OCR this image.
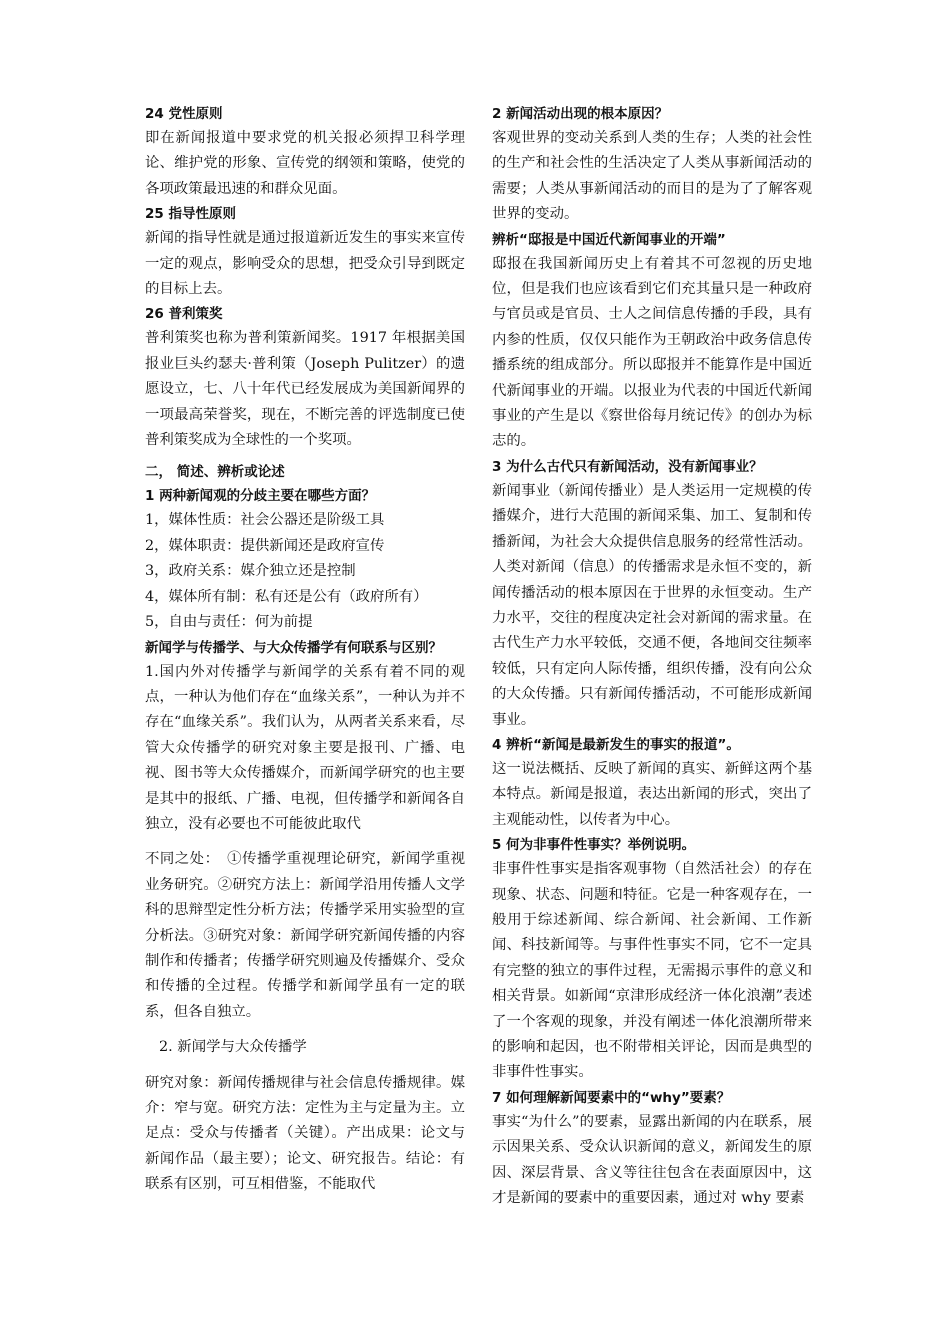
24 党性原则
即在新闻报道中要求党的机关报必须捍卫科学理论、维护党的形象、宣传党的纲领和策略，使党的各项政策最迅速的和群众见面。
25 指导性原则
新闻的指导性就是通过报道新近发生的事实来宣传一定的观点，影响受众的思想，把受众引导到既定的目标上去。
26 普利策奖
普利策奖也称为普利策新闻奖。1917 年根据美国报业巨头约瑟夫·普利策（Joseph Pulitzer）的遗愿设立，七、八十年代已经发展成为美国新闻界的一项最高荣誉奖，现在，不断完善的评选制度已使普利策奖成为全球性的一个奖项。
二， 简述、辨析或论述
1 两种新闻观的分歧主要在哪些方面？
1，媒体性质：社会公器还是阶级工具
2，媒体职责：提供新闻还是政府宣传
3，政府关系：媒介独立还是控制
4，媒体所有制：私有还是公有（政府所有）
5，自由与责任：何为前提
新闻学与传播学、与大众传播学有何联系与区别？
1.国内外对传播学与新闻学的关系有着不同的观点，一种认为他们存在“血缘关系”，一种认为并不存在“血缘关系”。我们认为，从两者关系来看，尽管大众传播学的研究对象主要是报刊、广播、电视、图书等大众传播媒介，而新闻学研究的也主要是其中的报纸、广播、电视，但传播学和新闻各自独立，没有必要也不可能彼此取代
不同之处：　①传播学重视理论研究，新闻学重视业务研究。②研究方法上：新闻学沿用传播人文学科的思辩型定性分析方法；传播学采用实验型的宣分析法。③研究对象：新闻学研究新闻传播的内容制作和传播者；传播学研究则遍及传播媒介、受众和传播的全过程。传播学和新闻学虽有一定的联系，但各自独立。
2. 新闻学与大众传播学
研究对象：新闻传播规律与社会信息传播规律。媒介：窄与宽。研究方法：定性为主与定量为主。立足点：受众与传播者（关键）。产出成果：论文与新闻作品（最主要）；论文、研究报告。结论：有联系有区别，可互相借鉴，不能取代
2 新闻活动出现的根本原因？
客观世界的变动关系到人类的生存；人类的社会性的生产和社会性的生活决定了人类从事新闻活动的需要；人类从事新闻活动的而目的是为了了解客观世界的变动。
辨析“邸报是中国近代新闻事业的开端”
邸报在我国新闻历史上有着其不可忽视的历史地位，但是我们也应该看到它们充其量只是一种政府与官员或是官员、士人之间信息传播的手段，具有内参的性质，仅仅只能作为王朝政治中政务信息传播系统的组成部分。所以邸报并不能算作是中国近代新闻事业的开端。以报业为代表的中国近代新闻事业的产生是以《察世俗每月统记传》的创办为标志的。
3 为什么古代只有新闻活动，没有新闻事业？
新闻事业（新闻传播业）是人类运用一定规模的传播媒介，进行大范围的新闻采集、加工、复制和传播新闻，为社会大众提供信息服务的经常性活动。人类对新闻（信息）的传播需求是永恒不变的，新闻传播活动的根本原因在于世界的永恒变动。生产力水平，交往的程度决定社会对新闻的需求量。在古代生产力水平较低，交通不便，各地间交往频率较低，只有定向人际传播，组织传播，没有向公众的大众传播。只有新闻传播活动，不可能形成新闻事业。
4 辨析“新闻是最新发生的事实的报道”。
这一说法概括、反映了新闻的真实、新鲜这两个基本特点。新闻是报道，表达出新闻的形式，突出了主观能动性，以传者为中心。
5 何为非事件性事实？举例说明。
非事件性事实是指客观事物（自然活社会）的存在现象、状态、问题和特征。它是一种客观存在，一般用于综述新闻、综合新闻、社会新闻、工作新闻、科技新闻等。与事件性事实不同，它不一定具有完整的独立的事件过程，无需揭示事件的意义和相关背景。如新闻“京津形成经济一体化浪潮”表述了一个客观的现象，并没有阐述一体化浪潮所带来的影响和起因，也不附带相关评论，因而是典型的非事件性事实。
7 如何理解新闻要素中的“why”要素？
事实“为什么”的要素，显露出新闻的内在联系，展示因果关系、受众认识新闻的意义，新闻发生的原因、深层背景、含义等往往包含在表面原因中，这才是新闻的要素中的重要因素，通过对 why 要素
